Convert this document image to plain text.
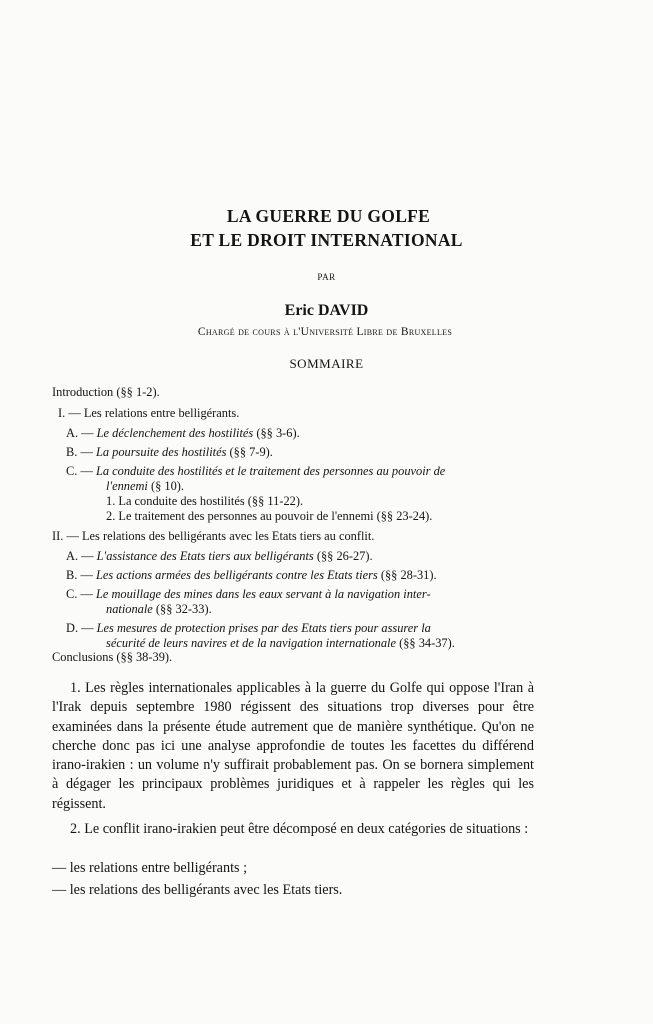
LA GUERRE DU GOLFE
ET LE DROIT INTERNATIONAL
PAR
Eric DAVID
Chargé de cours à l'Université Libre de Bruxelles
SOMMAIRE
Introduction (§§ 1-2).
I. — Les relations entre belligérants.
A. — Le déclenchement des hostilités (§§ 3-6).
B. — La poursuite des hostilités (§§ 7-9).
C. — La conduite des hostilités et le traitement des personnes au pouvoir de
l'ennemi (§ 10).
1. La conduite des hostilités (§§ 11-22).
2. Le traitement des personnes au pouvoir de l'ennemi (§§ 23-24).
II. — Les relations des belligérants avec les Etats tiers au conflit.
A. — L'assistance des Etats tiers aux belligérants (§§ 26-27).
B. — Les actions armées des belligérants contre les Etats tiers (§§ 28-31).
C. — Le mouillage des mines dans les eaux servant à la navigation inter-
nationale (§§ 32-33).
D. — Les mesures de protection prises par des Etats tiers pour assurer la
sécurité de leurs navires et de la navigation internationale (§§ 34-37).
Conclusions (§§ 38-39).
1. Les règles internationales applicables à la guerre du Golfe qui oppose l'Iran à l'Irak depuis septembre 1980 régissent des situations trop diverses pour être examinées dans la présente étude autrement que de manière synthétique. Qu'on ne cherche donc pas ici une analyse approfondie de toutes les facettes du différend irano-irakien : un volume n'y suffirait probablement pas. On se bornera simplement à dégager les principaux problèmes juridiques et à rappeler les règles qui les régissent.
2. Le conflit irano-irakien peut être décomposé en deux catégories de situations :
— les relations entre belligérants ;
— les relations des belligérants avec les Etats tiers.
